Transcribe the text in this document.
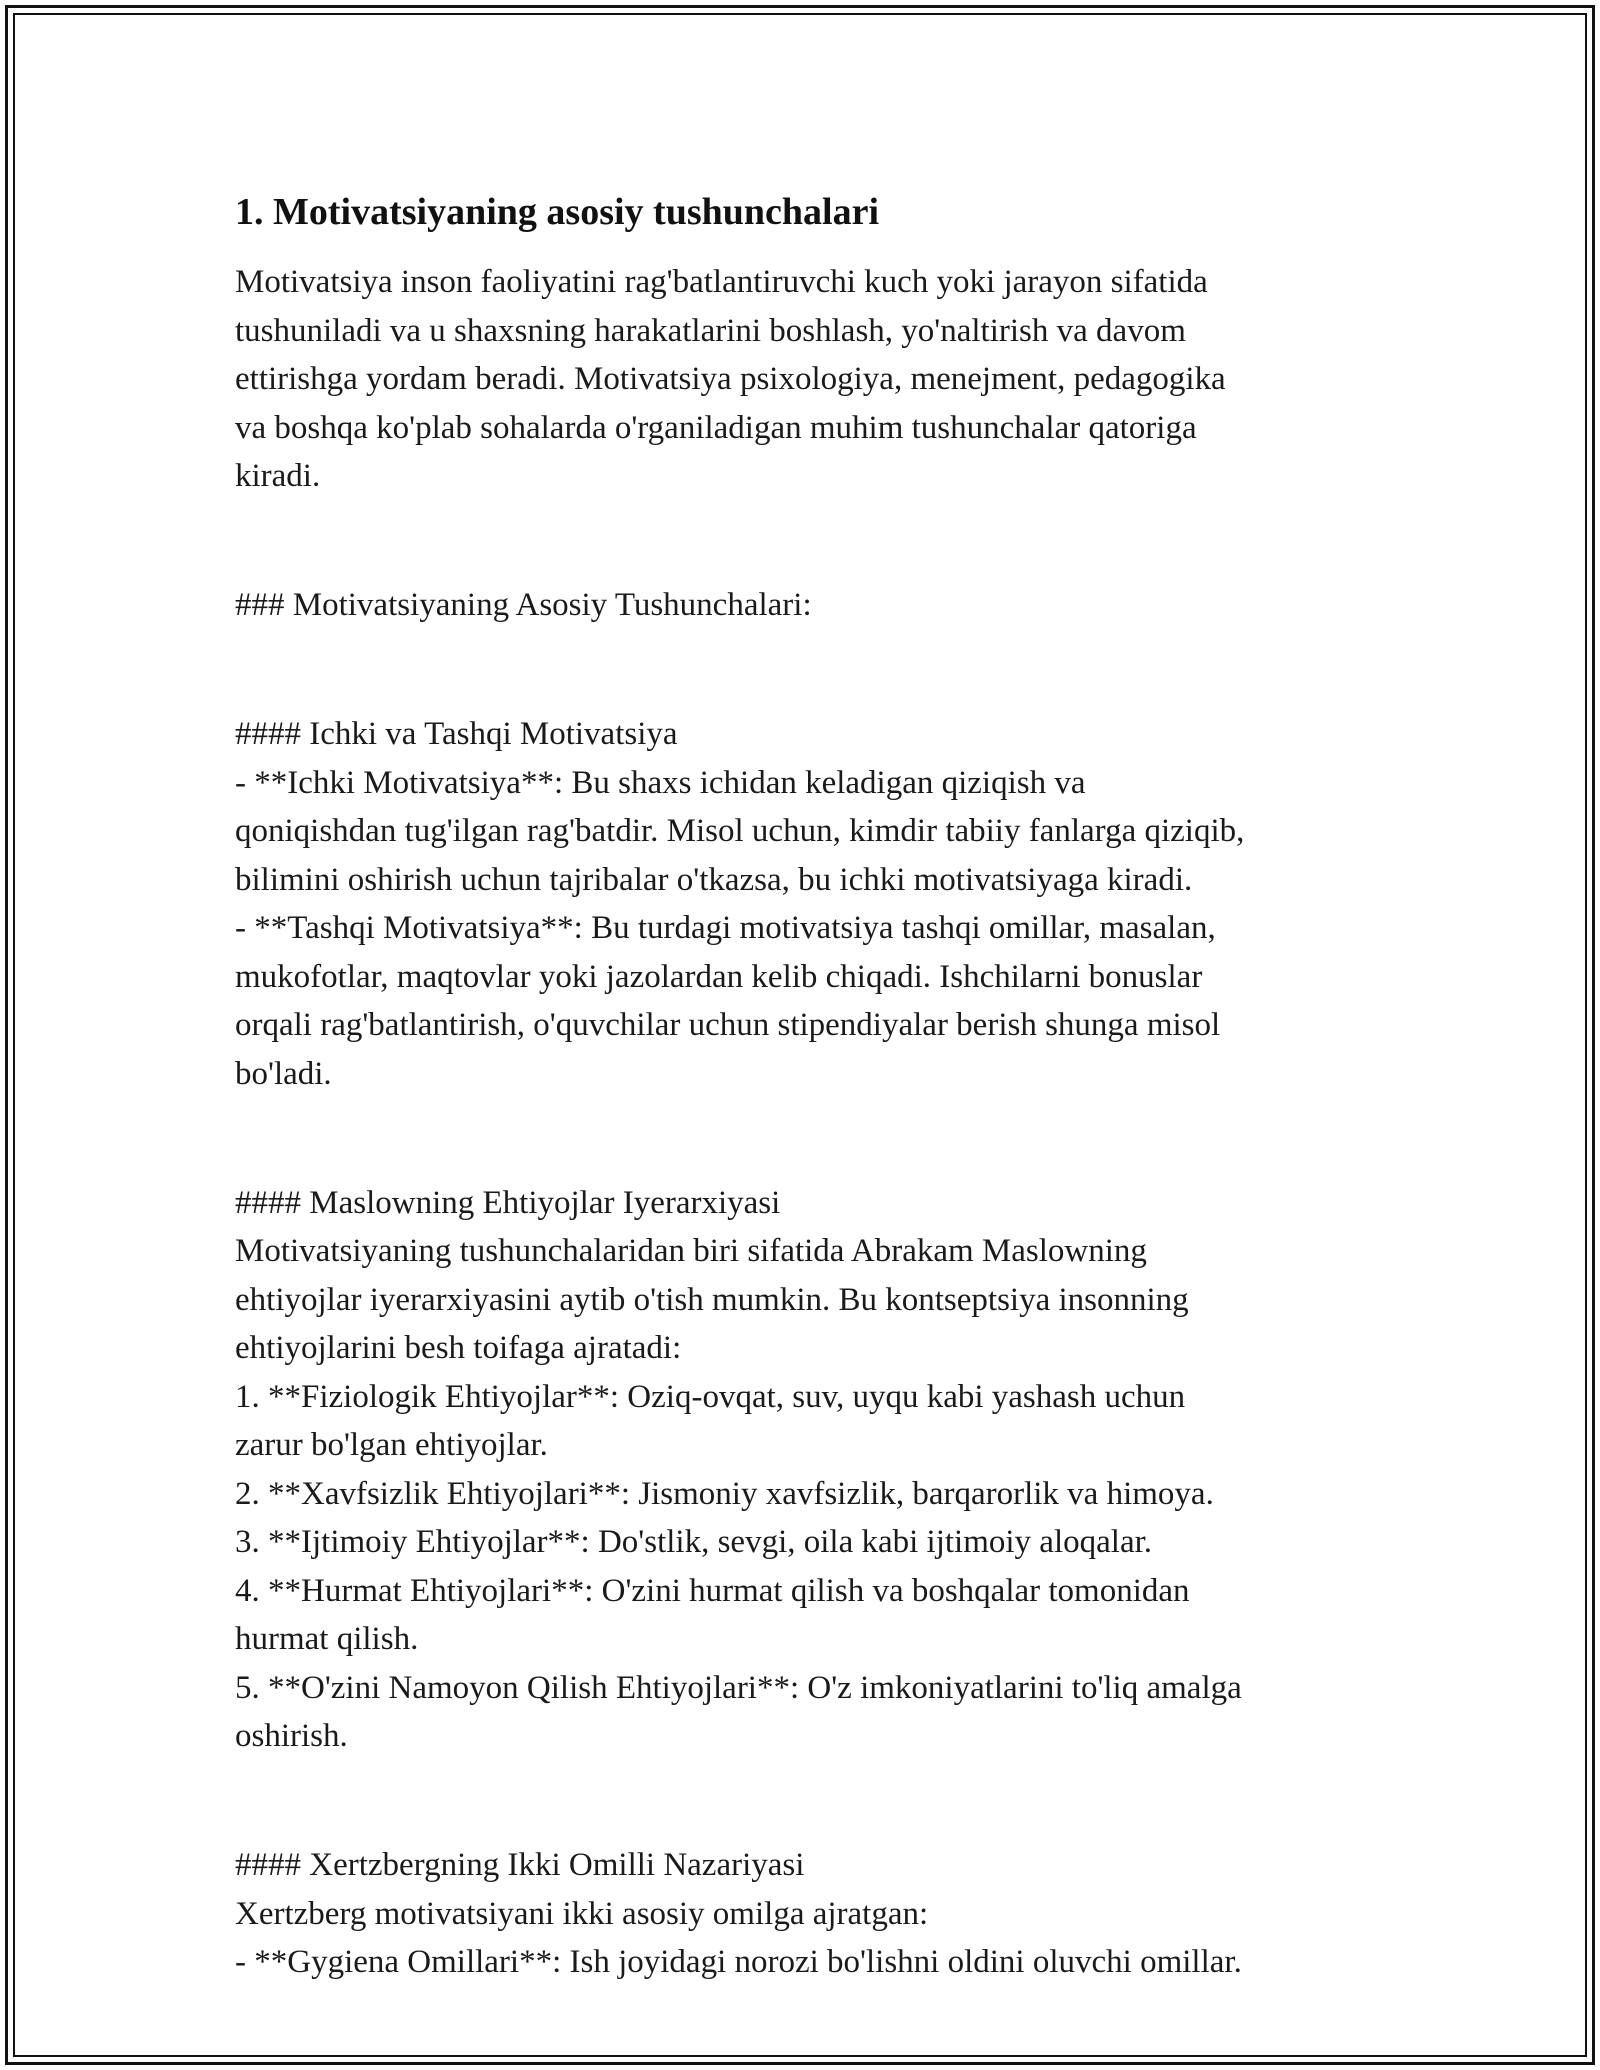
1. Motivatsiyaning asosiy tushunchalari

Motivatsiya inson faoliyatini rag'batlantiruvchi kuch yoki jarayon sifatida

tushuniladi va u shaxsning harakatlarini boshlash, yo'naltirish va davom

ettirishga yordam beradi. Motivatsiya psixologiya, menejment, pedagogika

va boshqa ko'plab sohalarda o'rganiladigan muhim tushunchalar qatoriga

kiradi.

### Motivatsiyaning Asosiy Tushunchalari:

#### Ichki va Tashqi Motivatsiya

- **Ichki Motivatsiya**: Bu shaxs ichidan keladigan qiziqish va

qoniqishdan tug'ilgan rag'batdir. Misol uchun, kimdir tabiiy fanlarga qiziqib,

bilimini oshirish uchun tajribalar o'tkazsa, bu ichki motivatsiyaga kiradi.

- **Tashqi Motivatsiya**: Bu turdagi motivatsiya tashqi omillar, masalan,

mukofotlar, maqtovlar yoki jazolardan kelib chiqadi. Ishchilarni bonuslar

orqali rag'batlantirish, o'quvchilar uchun stipendiyalar berish shunga misol

bo'ladi.

#### Maslowning Ehtiyojlar Iyerarxiyasi

Motivatsiyaning tushunchalaridan biri sifatida Abrakam Maslowning

ehtiyojlar iyerarxiyasini aytib o'tish mumkin. Bu kontseptsiya insonning

ehtiyojlarini besh toifaga ajratadi:

1. **Fiziologik Ehtiyojlar**: Oziq-ovqat, suv, uyqu kabi yashash uchun

zarur bo'lgan ehtiyojlar.

2. **Xavfsizlik Ehtiyojlari**: Jismoniy xavfsizlik, barqarorlik va himoya.

3. **Ijtimoiy Ehtiyojlar**: Do'stlik, sevgi, oila kabi ijtimoiy aloqalar.

4. **Hurmat Ehtiyojlari**: O'zini hurmat qilish va boshqalar tomonidan

hurmat qilish.

5. **O'zini Namoyon Qilish Ehtiyojlari**: O'z imkoniyatlarini to'liq amalga

oshirish.

#### Xertzbergning Ikki Omilli Nazariyasi

Xertzberg motivatsiyani ikki asosiy omilga ajratgan:

- **Gygiena Omillari**: Ish joyidagi norozi bo'lishni oldini oluvchi omillar.
